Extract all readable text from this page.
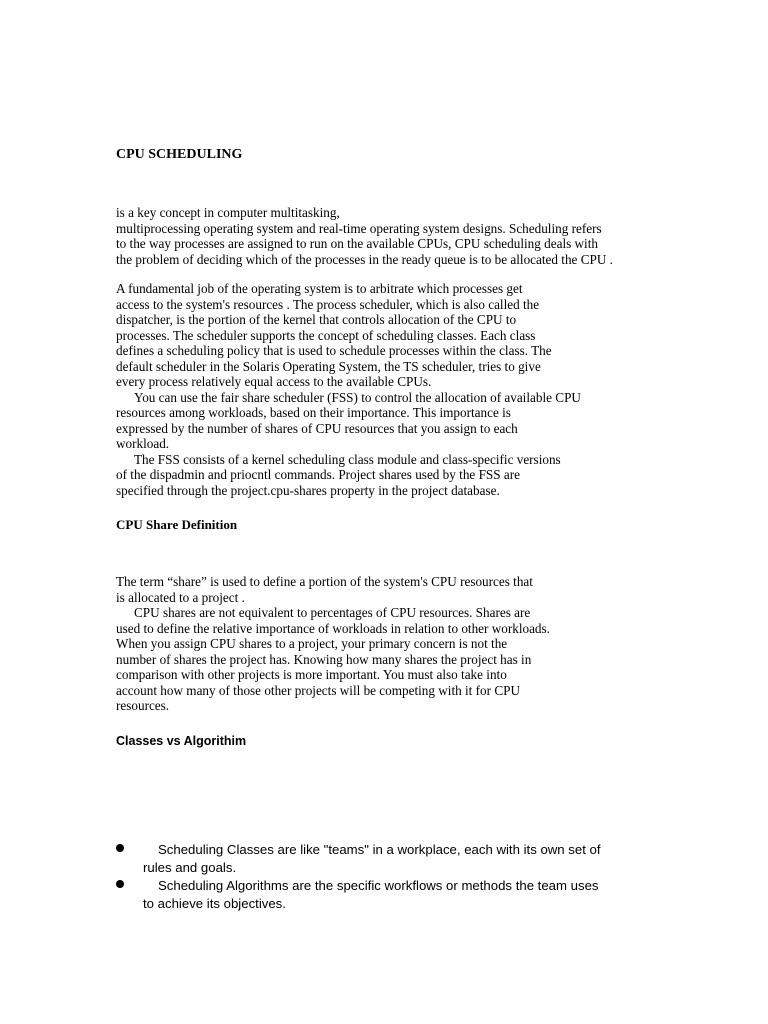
CPU SCHEDULING

is a key concept in computer multitasking,
multiprocessing operating system and real-time operating system designs. Scheduling refers
to the way processes are assigned to run on the available CPUs, CPU scheduling deals with
the problem of deciding which of the processes in the ready queue is to be allocated the CPU .

A fundamental job of the operating system is to arbitrate which processes get
access to the system's resources . The process scheduler, which is also called the
dispatcher, is the portion of the kernel that controls allocation of the CPU to
processes. The scheduler supports the concept of scheduling classes. Each class
defines a scheduling policy that is used to schedule processes within the class. The
default scheduler in the Solaris Operating System, the TS scheduler, tries to give
every process relatively equal access to the available CPUs.
You can use the fair share scheduler (FSS) to control the allocation of available CPU
resources among workloads, based on their importance. This importance is
expressed by the number of shares of CPU resources that you assign to each
workload.
The FSS consists of a kernel scheduling class module and class-specific versions
of the dispadmin and priocntl commands. Project shares used by the FSS are
specified through the project.cpu-shares property in the project database.

CPU Share Definition

The term “share” is used to define a portion of the system's CPU resources that
is allocated to a project .
CPU shares are not equivalent to percentages of CPU resources. Shares are
used to define the relative importance of workloads in relation to other workloads.
When you assign CPU shares to a project, your primary concern is not the
number of shares the project has. Knowing how many shares the project has in
comparison with other projects is more important. You must also take into
account how many of those other projects will be competing with it for CPU
resources.

Classes vs Algorithim
Scheduling Classes are like "teams" in a workplace, each with its own set of
rules and goals.
Scheduling Algorithms are the specific workflows or methods the team uses
to achieve its objectives.
